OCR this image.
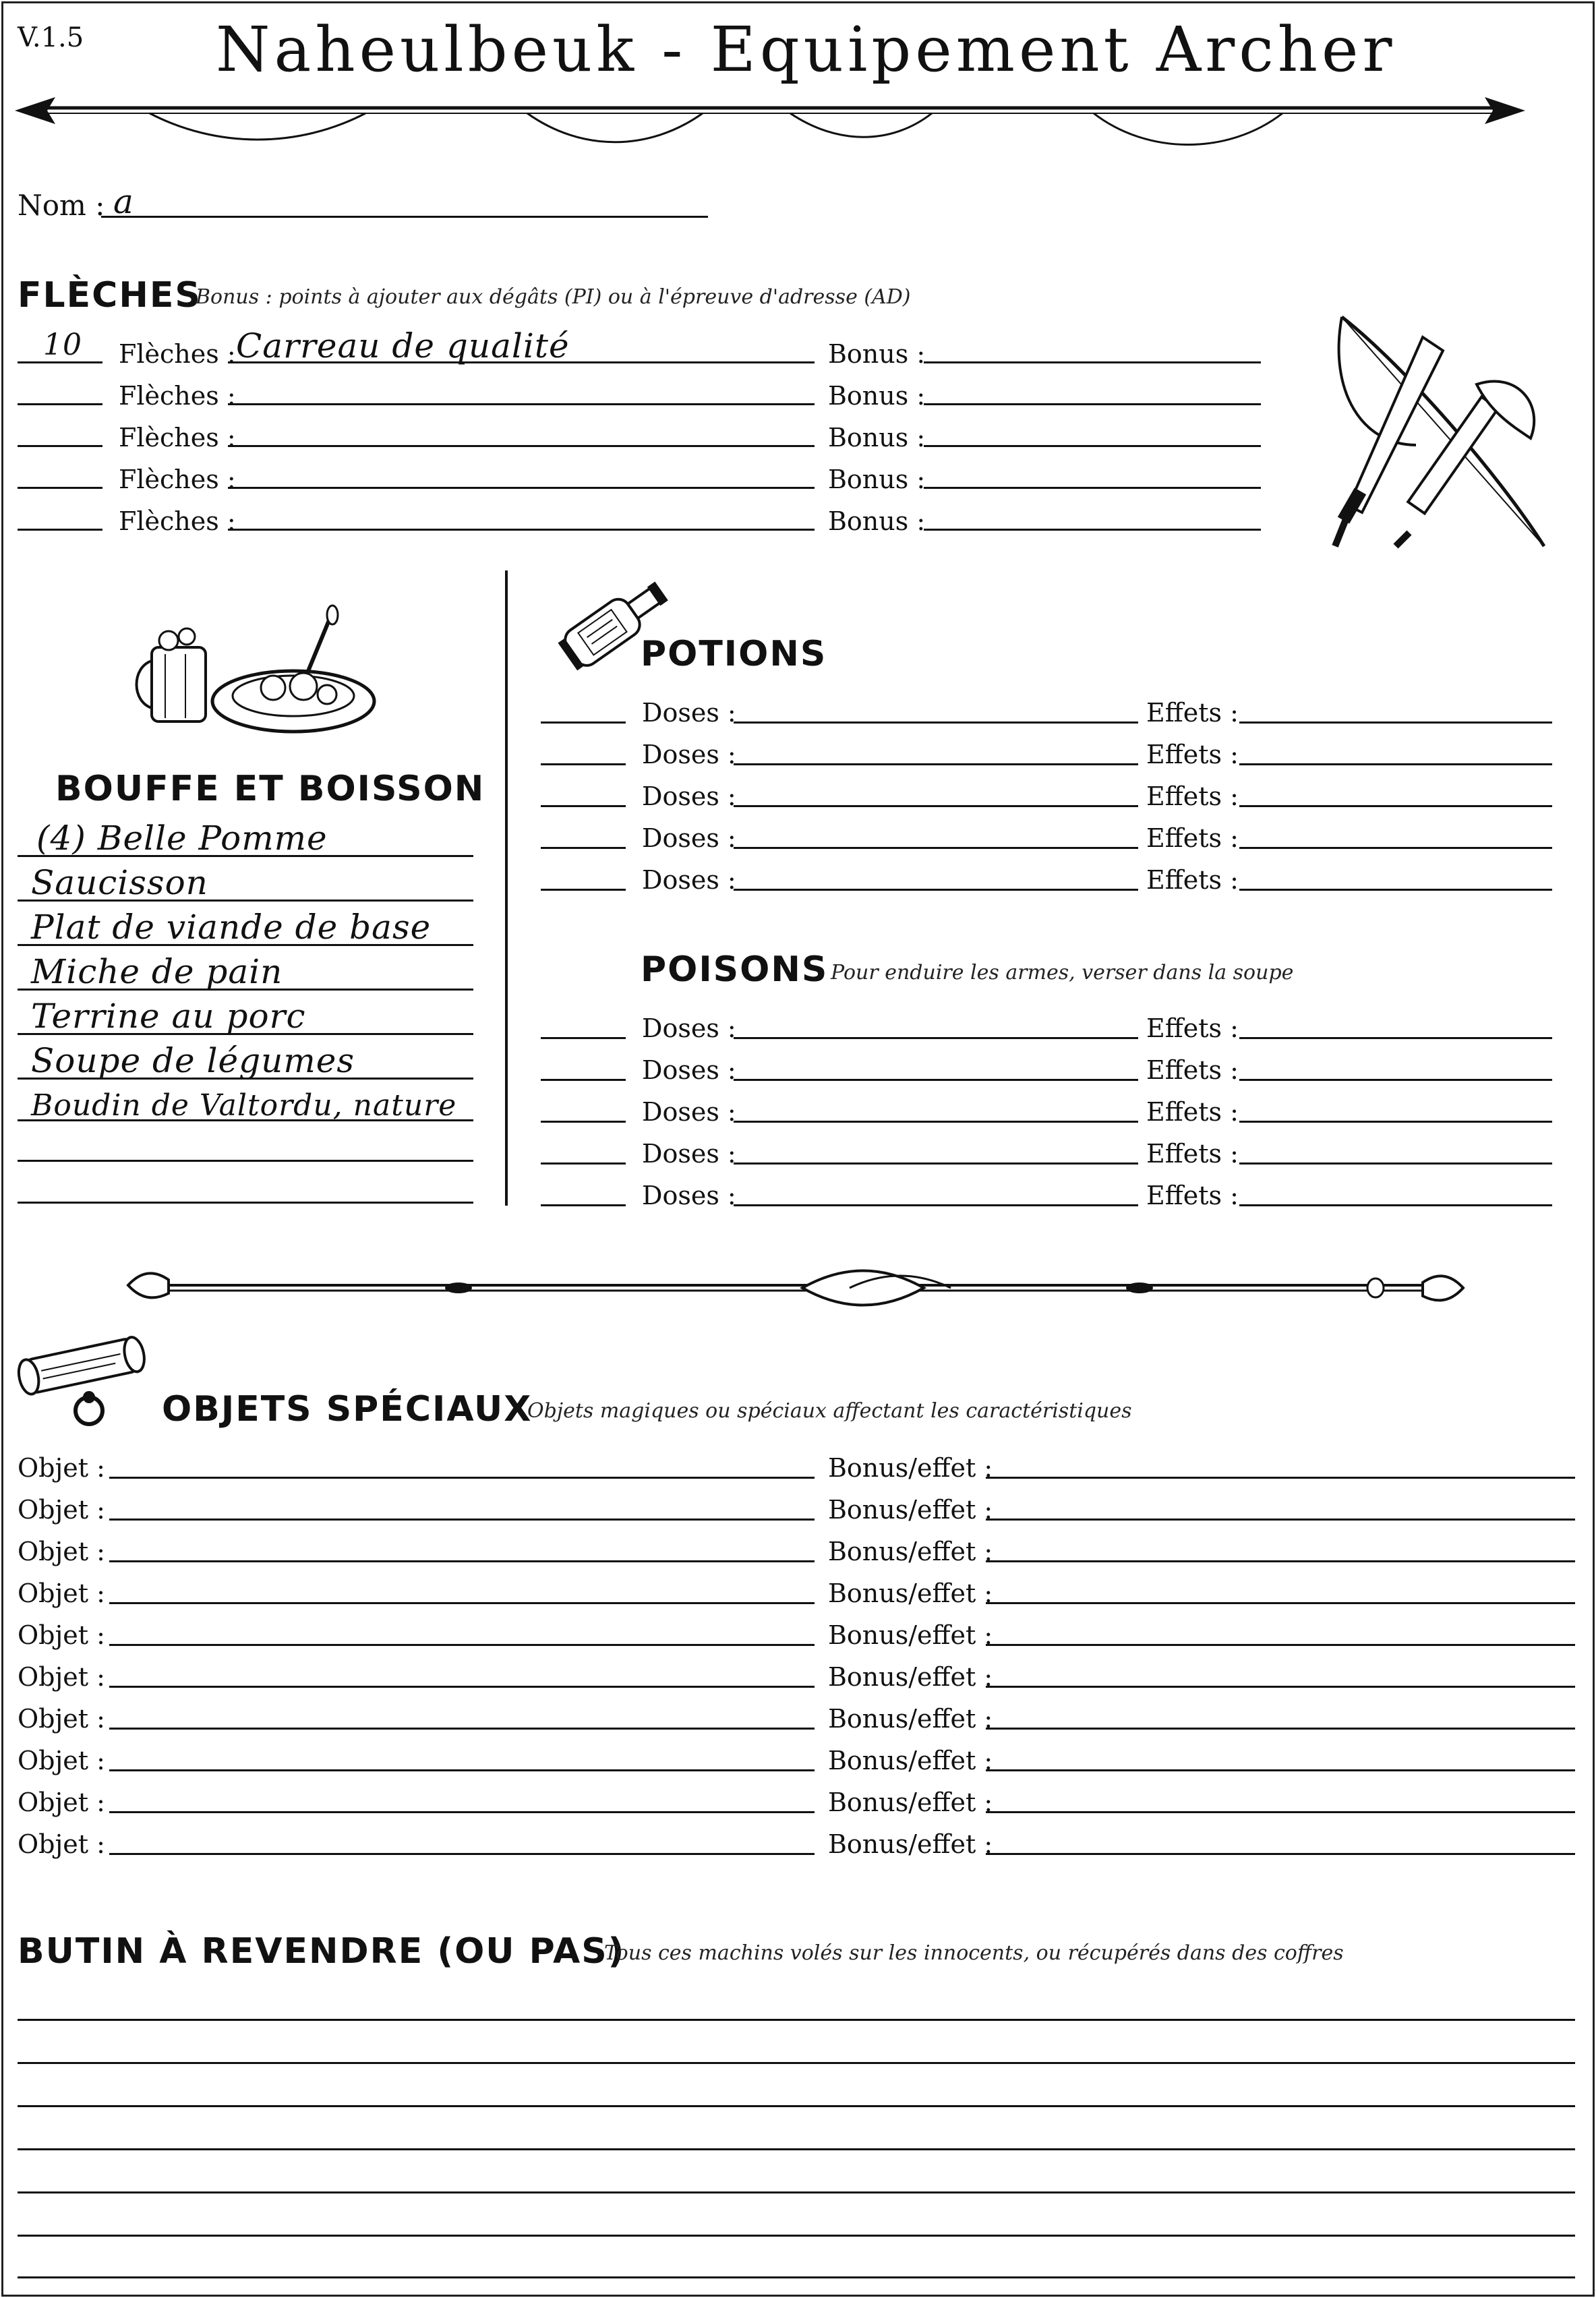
V.1.5 Naheulbeuk - Equipement Archer
Nom : a
FLÈCHES
Bonus : points à ajouter aux dégâts (PI) ou à l'épreuve d'adresse (AD)
10 Flèches : Carreau de qualité	Bonus :
Flèches :	Bonus :
Flèches :	Bonus :
Flèches :	Bonus :
Flèches :	Bonus :
BOUFFE ET BOISSON
(4) Belle Pomme
Saucisson
Plat de viande de base
Miche de pain
Terrine au porc
Soupe de légumes
Boudin de Valtordu, nature
POTIONS
Doses :	Effets :
Doses :	Effets :
Doses :	Effets :
Doses :	Effets :
Doses :	Effets :
POISONS Pour enduire les armes, verser dans la soupe
Doses :	Effets :
Doses :	Effets :
Doses :	Effets :
Doses :	Effets :
Doses :	Effets :
OBJETS SPÉCIAUX
Objets magiques ou spéciaux affectant les caractéristiques
Objet :	Bonus/effet :
Objet :	Bonus/effet :
Objet :	Bonus/effet :
Objet :	Bonus/effet :
Objet :	Bonus/effet :
Objet :	Bonus/effet :
Objet :	Bonus/effet :
Objet :	Bonus/effet :
Objet :	Bonus/effet :
Objet :	Bonus/effet :
BUTIN À REVENDRE (OU PAS)
Tous ces machins volés sur les innocents, ou récupérés dans des coffres
